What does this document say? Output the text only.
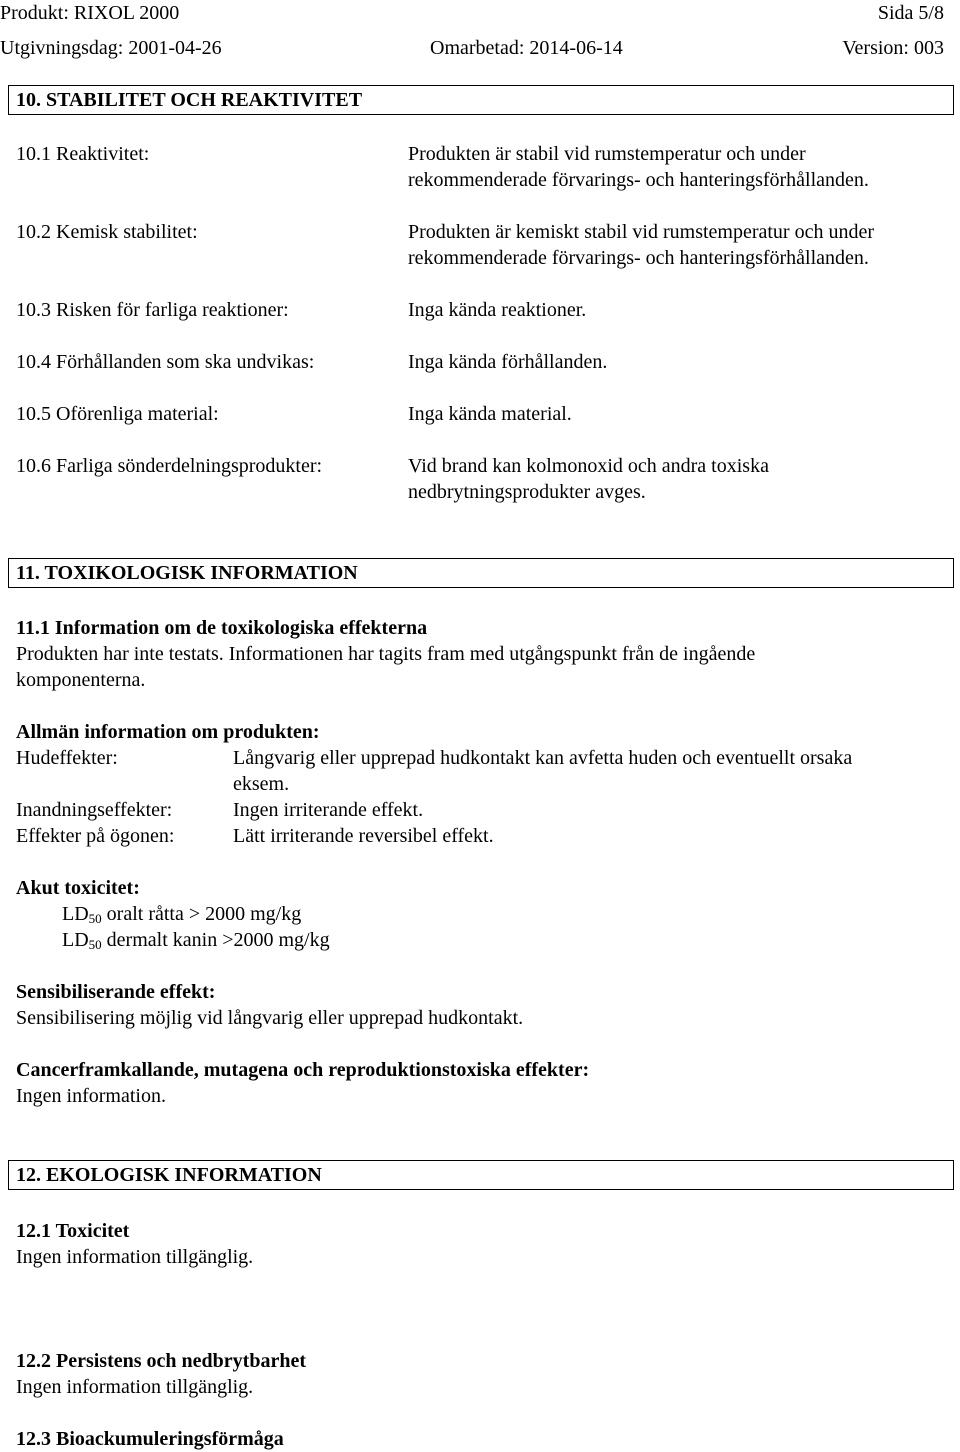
Produkt: RIXOL 2000	Sida 5/8
Utgivningsdag: 2001-04-26	Omarbetad: 2014-06-14	Version: 003
10. STABILITET OCH REAKTIVITET
10.1 Reaktivitet:	Produkten är stabil vid rumstemperatur och under
rekommenderade förvarings- och hanteringsförhållanden.
10.2 Kemisk stabilitet:	Produkten är kemiskt stabil vid rumstemperatur och under
rekommenderade förvarings- och hanteringsförhållanden.
10.3 Risken för farliga reaktioner:	Inga kända reaktioner.
10.4 Förhållanden som ska undvikas:	Inga kända förhållanden.
10.5 Oförenliga material:	Inga kända material.
10.6 Farliga sönderdelningsprodukter:	Vid brand kan kolmonoxid och andra toxiska
nedbrytningsprodukter avges.
11. TOXIKOLOGISK INFORMATION
11.1 Information om de toxikologiska effekterna
Produkten har inte testats. Informationen har tagits fram med utgångspunkt från de ingående
komponenterna.
Allmän information om produkten:
Hudeffekter:	Långvarig eller upprepad hudkontakt kan avfetta huden och eventuellt orsaka
eksem.
Inandningseffekter:	Ingen irriterande effekt.
Effekter på ögonen:	Lätt irriterande reversibel effekt.
Akut toxicitet:
$LD_{50}$ oralt råtta > 2000 mg/kg
$LD_{50}$ dermalt kanin >2000 mg/kg
Sensibiliserande effekt:
Sensibilisering möjlig vid långvarig eller upprepad hudkontakt.
Cancerframkallande, mutagena och reproduktionstoxiska effekter:
Ingen information.
12. EKOLOGISK INFORMATION
12.1 Toxicitet
Ingen information tillgänglig.
12.2 Persistens och nedbrytbarhet
Ingen information tillgänglig.
12.3 Bioackumuleringsförmåga
